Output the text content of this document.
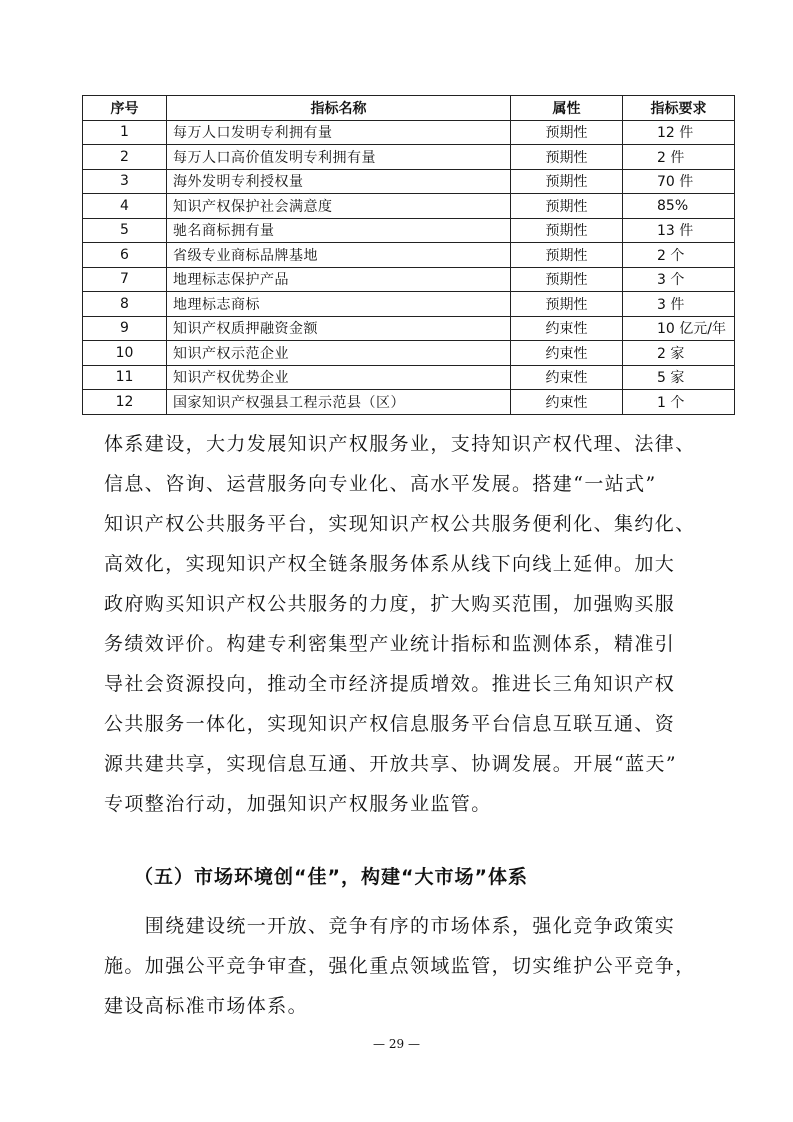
序号	指标名称	属性	指标要求
1	每万人口发明专利拥有量	预期性	12 件
2	每万人口高价值发明专利拥有量	预期性	2 件
3	海外发明专利授权量	预期性	70 件
4	知识产权保护社会满意度	预期性	85%
5	驰名商标拥有量	预期性	13 件
6	省级专业商标品牌基地	预期性	2 个
7	地理标志保护产品	预期性	3 个
8	地理标志商标	预期性	3 件
9	知识产权质押融资金额	约束性	10 亿元/年
10	知识产权示范企业	约束性	2 家
11	知识产权优势企业	约束性	5 家
12	国家知识产权强县工程示范县（区）	约束性	1 个
体系建设，大力发展知识产权服务业，支持知识产权代理、法律、
信息、咨询、运营服务向专业化、高水平发展。搭建“一站式”
知识产权公共服务平台，实现知识产权公共服务便利化、集约化、
高效化，实现知识产权全链条服务体系从线下向线上延伸。加大
政府购买知识产权公共服务的力度，扩大购买范围，加强购买服
务绩效评价。构建专利密集型产业统计指标和监测体系，精准引
导社会资源投向，推动全市经济提质增效。推进长三角知识产权
公共服务一体化，实现知识产权信息服务平台信息互联互通、资
源共建共享，实现信息互通、开放共享、协调发展。开展“蓝天”
专项整治行动，加强知识产权服务业监管。
（五）市场环境创“佳”，构建“大市场”体系
　　围绕建设统一开放、竞争有序的市场体系，强化竞争政策实
施。加强公平竞争审查，强化重点领域监管，切实维护公平竞争，
建设高标准市场体系。
— 29 —
